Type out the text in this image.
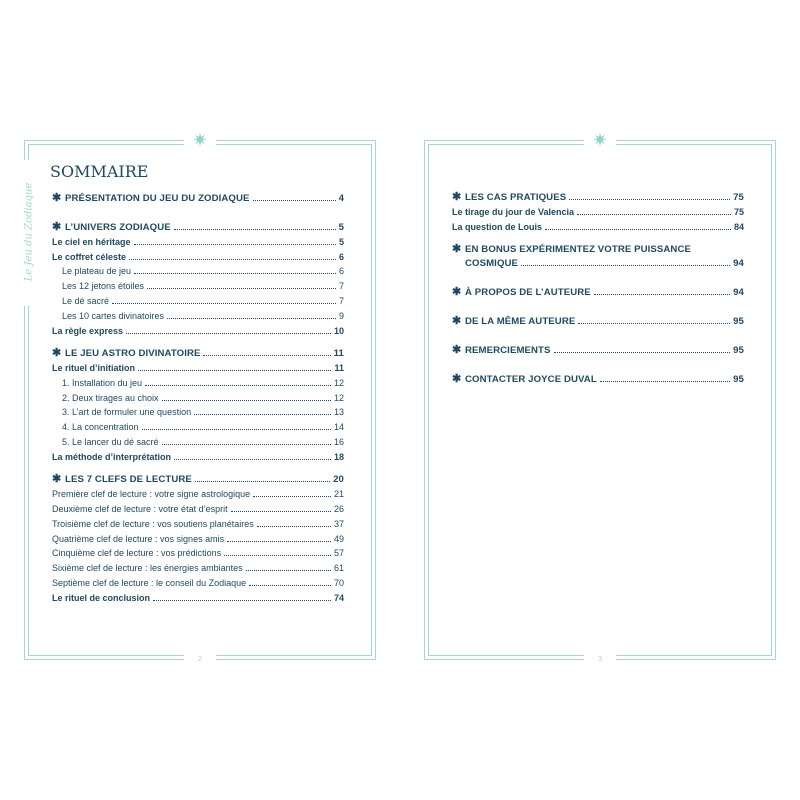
✷
2
Le Jeu du Zodiaque
SOMMAIRE
✱ PRÉSENTATION DU JEU DU ZODIAQUE	4
✱ L’UNIVERS ZODIAQUE	5
Le ciel en héritage	5
Le coffret céleste	6
Le plateau de jeu	6
Les 12 jetons étoiles	7
Le dé sacré	7
Les 10 cartes divinatoires	9
La règle express	10
✱ LE JEU ASTRO DIVINATOIRE	11
Le rituel d’initiation	11
1. Installation du jeu	12
2. Deux tirages au choix	12
3. L’art de formuler une question	13
4. La concentration	14
5. Le lancer du dé sacré	16
La méthode d’interprétation	18
✱ LES 7 CLEFS DE LECTURE	20
Première clef de lecture : votre signe astrologique	21
Deuxième clef de lecture : votre état d’esprit	26
Troisième clef de lecture : vos soutiens planétaires	37
Quatrième clef de lecture : vos signes amis	49
Cinquième clef de lecture : vos prédictions	57
Sixième clef de lecture : les énergies ambiantes	61
Septième clef de lecture : le conseil du Zodiaque	70
Le rituel de conclusion	74
✷
3
✱ LES CAS PRATIQUES	75
Le tirage du jour de Valencia	75
La question de Louis	84
✱ EN BONUS EXPÉRIMENTEZ VOTRE PUISSANCE
COSMIQUE	94
✱ À PROPOS DE L’AUTEURE	94
✱ DE LA MÊME AUTEURE	95
✱ REMERCIEMENTS	95
✱ CONTACTER JOYCE DUVAL	95
